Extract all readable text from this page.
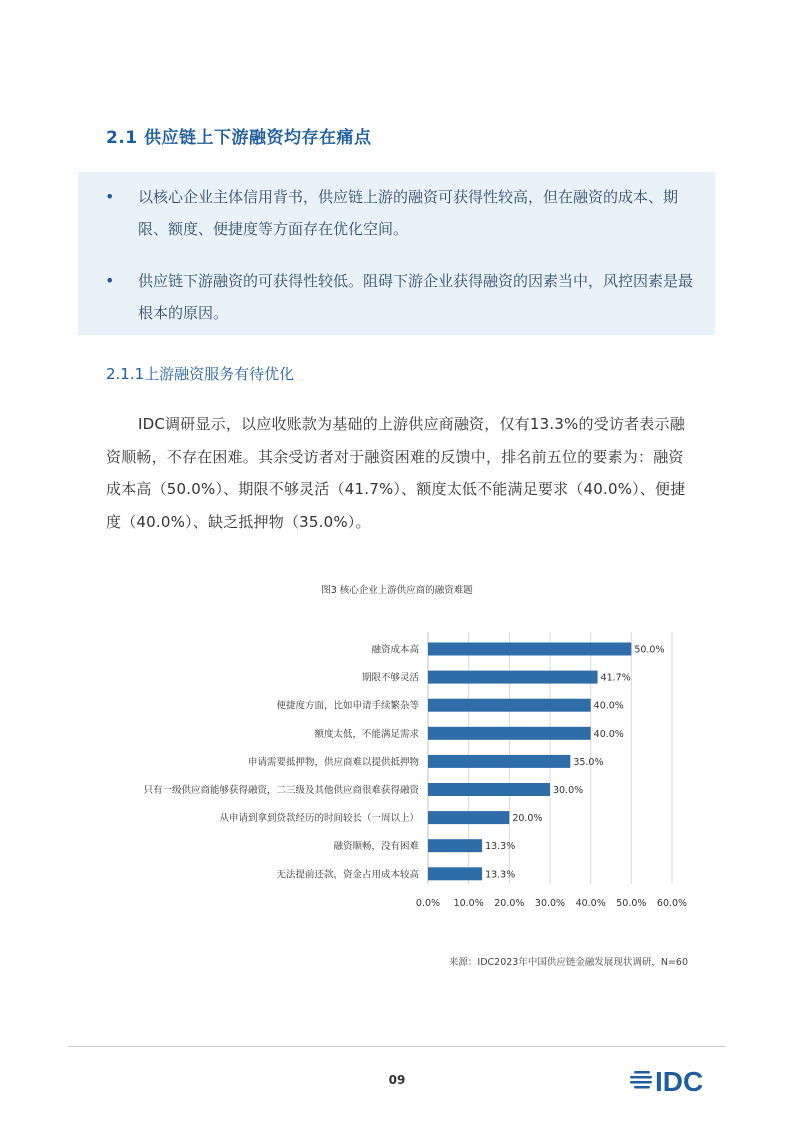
2.1 供应链上下游融资均存在痛点
• 以核心企业主体信用背书，供应链上游的融资可获得性较高，但在融资的成本、期限、额度、便捷度等方面存在优化空间。
• 供应链下游融资的可获得性较低。阻碍下游企业获得融资的因素当中，风控因素是最根本的原因。
2.1.1上游融资服务有待优化
IDC调研显示，以应收账款为基础的上游供应商融资，仅有13.3%的受访者表示融资顺畅，不存在困难。其余受访者对于融资困难的反馈中，排名前五位的要素为：融资成本高（50.0%）、期限不够灵活（41.7%）、额度太低不能满足要求（40.0%）、便捷度（40.0%）、缺乏抵押物（35.0%）。
图3 核心企业上游供应商的融资难题
0.0% 10.0% 20.0% 30.0% 40.0% 50.0% 60.0%
融资成本高	50.0%
期限不够灵活	41.7%
便捷度方面，比如申请手续繁杂等	40.0%
额度太低，不能满足需求	40.0%
申请需要抵押物，供应商难以提供抵押物	35.0%
只有一级供应商能够获得融资，二三级及其他供应商很难获得融资	30.0%
从申请到拿到贷款经历的时间较长（一周以上）	20.0%
融资顺畅，没有困难	13.3%
无法提前还款，资金占用成本较高	13.3%
来源：IDC2023年中国供应链金融发展现状调研，N=60
09	IDC
